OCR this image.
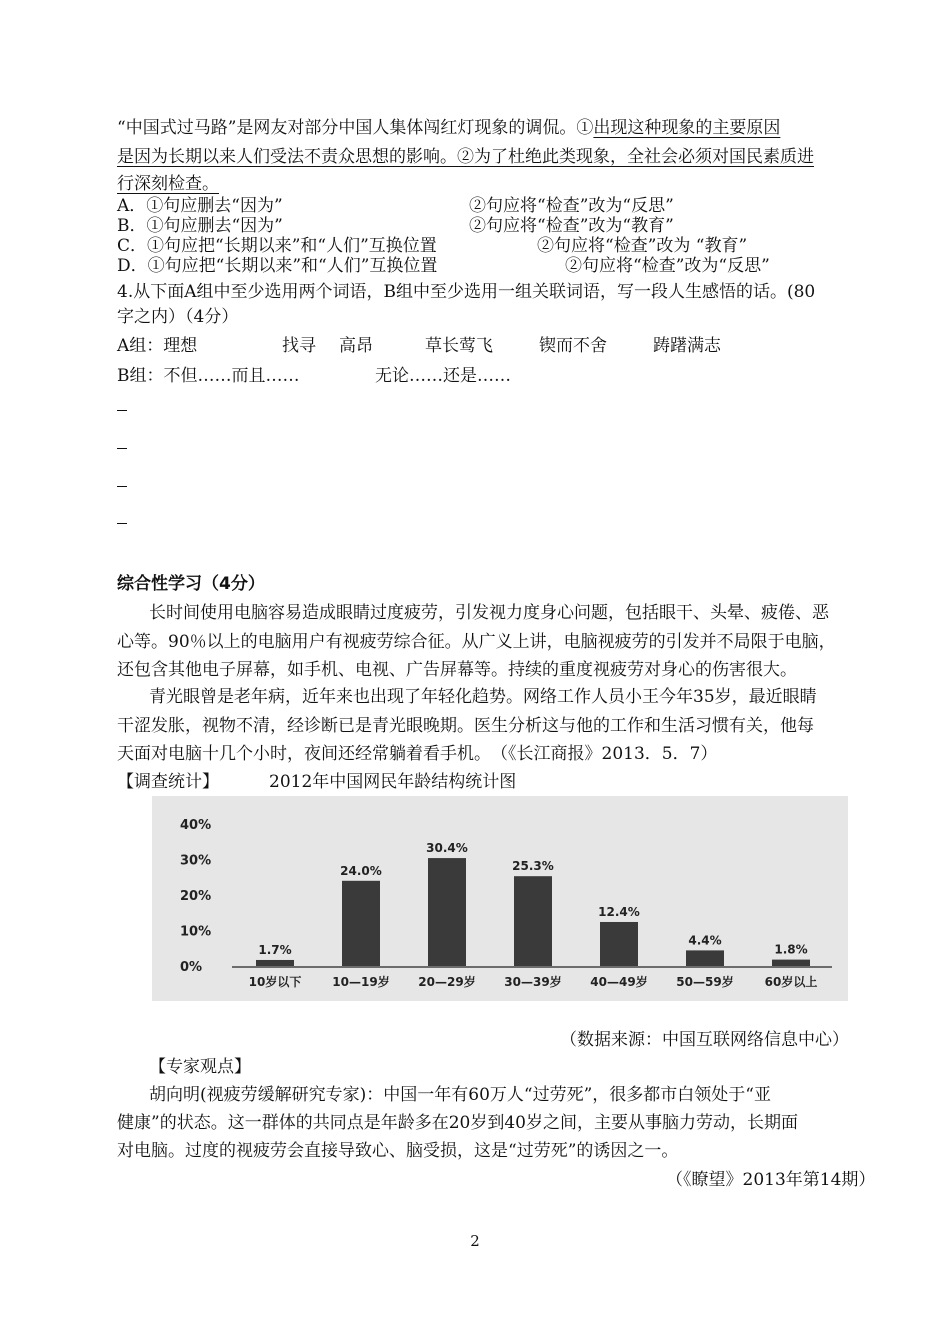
“中国式过马路”是网友对部分中国人集体闯红灯现象的调侃。①出现这种现象的主要原因
是因为长期以来人们受法不责众思想的影响。②为了杜绝此类现象，全社会必须对国民素质进
行深刻检查。
A．①句应删去“因为”	②句应将“检查”改为“反思”
B．①句应删去“因为”	②句应将“检查”改为“教育”
C．①句应把“长期以来”和“人们”互换位置	②句应将“检查”改为 “教育”
D．①句应把“长期以来”和“人们”互换位置	②句应将“检查”改为“反思”
4.从下面A组中至少选用两个词语，B组中至少选用一组关联词语，写一段人生感悟的话。(80
字之内）（4分）
A组：理想	找寻 高昂	草长莺飞	锲而不舍	踌躇满志
B组：不但……而且……	无论……还是……
综合性学习（4分）
长时间使用电脑容易造成眼睛过度疲劳，引发视力度身心问题，包括眼干、头晕、疲倦、恶
心等。90％以上的电脑用户有视疲劳综合征。从广义上讲，电脑视疲劳的引发并不局限于电脑，
还包含其他电子屏幕，如手机、电视、广告屏幕等。持续的重度视疲劳对身心的伤害很大。
青光眼曾是老年病，近年来也出现了年轻化趋势。网络工作人员小王今年35岁，最近眼睛
干涩发胀，视物不清，经诊断已是青光眼晚期。医生分析这与他的工作和生活习惯有关，他每
天面对电脑十几个小时，夜间还经常躺着看手机。　（《长江商报》2013．5．7）
【调查统计】	2012年中国网民年龄结构统计图
0%
10%
20%
30%
40%
1.7%
10岁以下
24.0%
10—19岁
30.4%
20—29岁
25.3%
30—39岁
12.4%
40—49岁
4.4%
50—59岁
1.8%
60岁以上
（数据来源：中国互联网络信息中心）
【专家观点】
胡向明(视疲劳缓解研究专家)：中国一年有60万人“过劳死”，很多都市白领处于“亚
健康”的状态。这一群体的共同点是年龄多在20岁到40岁之间，主要从事脑力劳动，长期面
对电脑。过度的视疲劳会直接导致心、脑受损，这是“过劳死”的诱因之一。
（《瞭望》2013年第14期）
2
